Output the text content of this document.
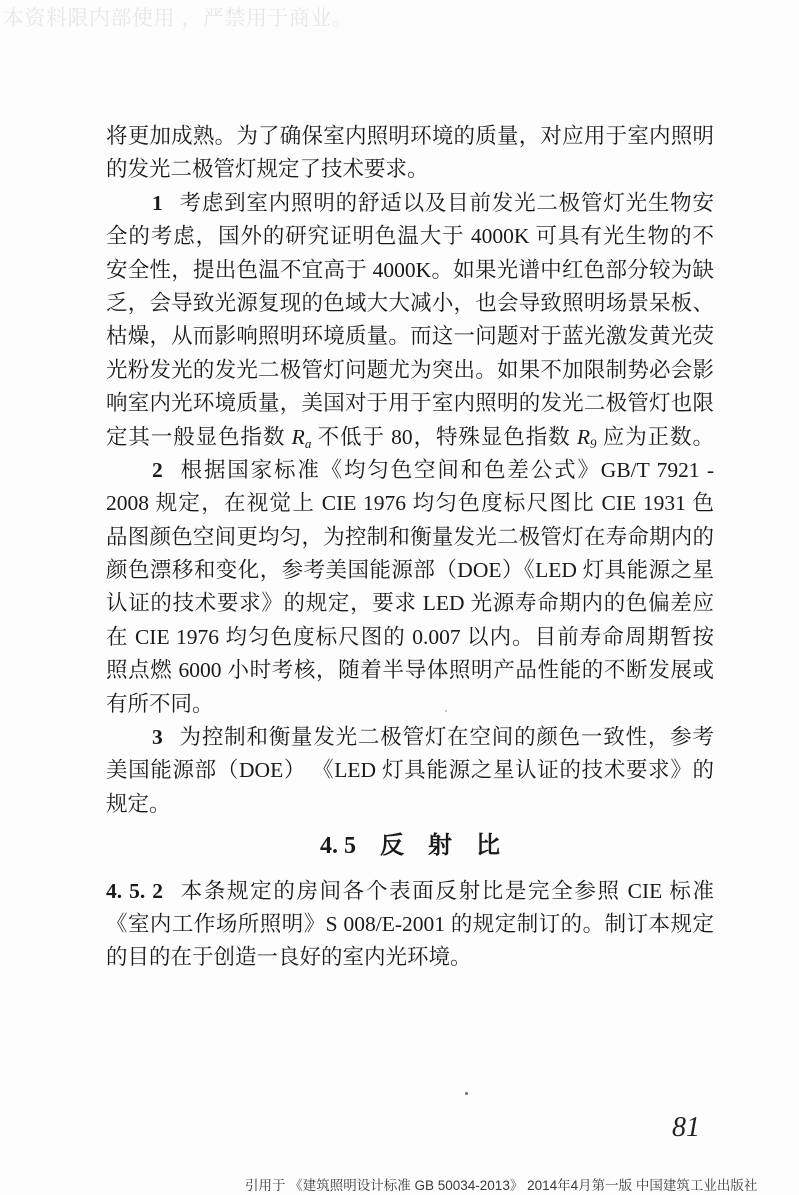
本资料限内部使用 ，严禁用于商业。
将更加成熟。为了确保室内照明环境的质量，对应用于室内照明
的发光二极管灯规定了技术要求。
1 考虑到室内照明的舒适以及目前发光二极管灯光生物安
全的考虑，国外的研究证明色温大于 4000K 可具有光生物的不
安全性，提出色温不宜高于 4000K。如果光谱中红色部分较为缺
乏，会导致光源复现的色域大大减小，也会导致照明场景呆板、
枯燥，从而影响照明环境质量。而这一问题对于蓝光激发黄光荧
光粉发光的发光二极管灯问题尤为突出。如果不加限制势必会影
响室内光环境质量，美国对于用于室内照明的发光二极管灯也限
定其一般显色指数 $R_a$ 不低于 80，特殊显色指数 $R_9$ 应为正数。
2 根据国家标准《均匀色空间和色差公式》GB/T 7921 -
2008 规定，在视觉上 CIE 1976 均匀色度标尺图比 CIE 1931 色
品图颜色空间更均匀，为控制和衡量发光二极管灯在寿命期内的
颜色漂移和变化，参考美国能源部（DOE）《LED 灯具能源之星
认证的技术要求》的规定，要求 LED 光源寿命期内的色偏差应
在 CIE 1976 均匀色度标尺图的 0.007 以内。目前寿命周期暂按
照点燃 6000 小时考核，随着半导体照明产品性能的不断发展或
有所不同。
3 为控制和衡量发光二极管灯在空间的颜色一致性，参考
美国能源部（DOE） 《LED 灯具能源之星认证的技术要求》的
规定。
4. 5　反　射　比
4. 5. 2 本条规定的房间各个表面反射比是完全参照 CIE 标准
《室内工作场所照明》S 008/E-2001 的规定制订的。制订本规定
的目的在于创造一良好的室内光环境。
81
引用于 《建筑照明设计标准 GB 50034-2013》 2014年4月第一版 中国建筑工业出版社
